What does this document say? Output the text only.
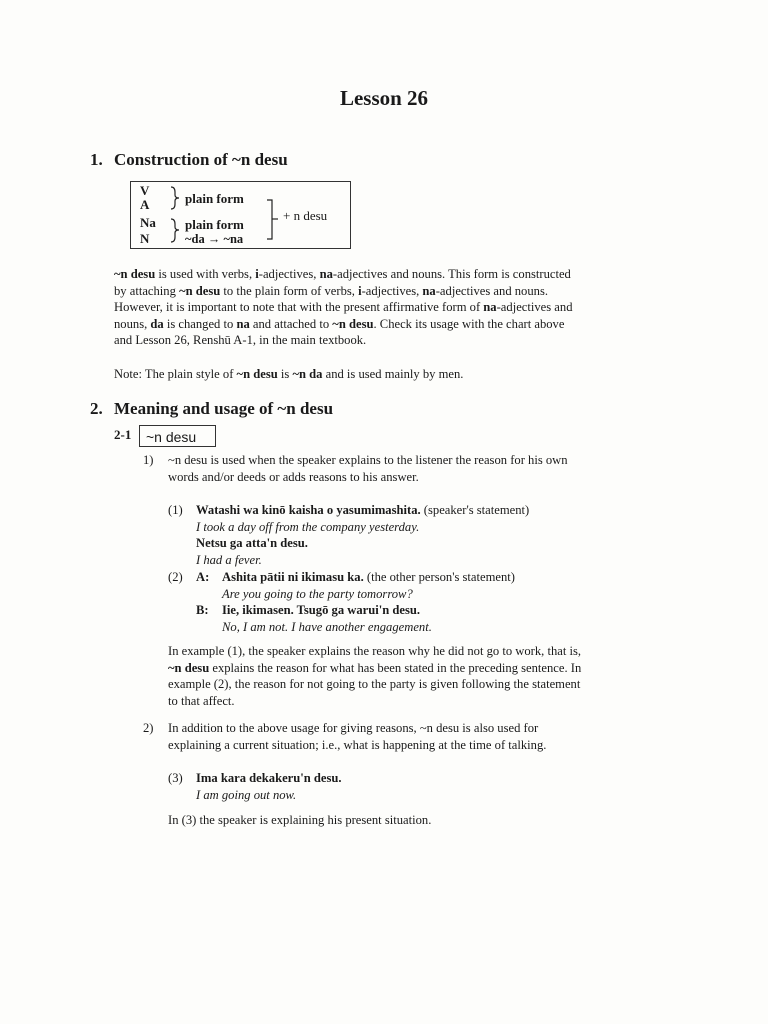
Lesson 26
1. Construction of ~n desu
V
A
Na
N
plain form
plain form
~da → ~na
+ n desu
~n desu is used with verbs, i-adjectives, na-adjectives and nouns. This form is constructed
by attaching ~n desu to the plain form of verbs, i-adjectives, na-adjectives and nouns.
However, it is important to note that with the present affirmative form of na-adjectives and
nouns, da is changed to na and attached to ~n desu. Check its usage with the chart above
and Lesson 26, Renshū A-1, in the main textbook.
Note: The plain style of ~n desu is ~n da and is used mainly by men.
2. Meaning and usage of ~n desu
2-1	~n desu
1) ~n desu is used when the speaker explains to the listener the reason for his own
words and/or deeds or adds reasons to his answer.
(1) Watashi wa kinō kaisha o yasumimashita. (speaker's statement)
I took a day off from the company yesterday.
Netsu ga atta'n desu.
I had a fever.
(2) A: Ashita pātii ni ikimasu ka. (the other person's statement)
Are you going to the party tomorrow?
B: Iie, ikimasen. Tsugō ga warui'n desu.
No, I am not. I have another engagement.
In example (1), the speaker explains the reason why he did not go to work, that is,
~n desu explains the reason for what has been stated in the preceding sentence. In
example (2), the reason for not going to the party is given following the statement
to that affect.
2) In addition to the above usage for giving reasons, ~n desu is also used for
explaining a current situation; i.e., what is happening at the time of talking.
(3) Ima kara dekakeru'n desu.
I am going out now.
In (3) the speaker is explaining his present situation.
